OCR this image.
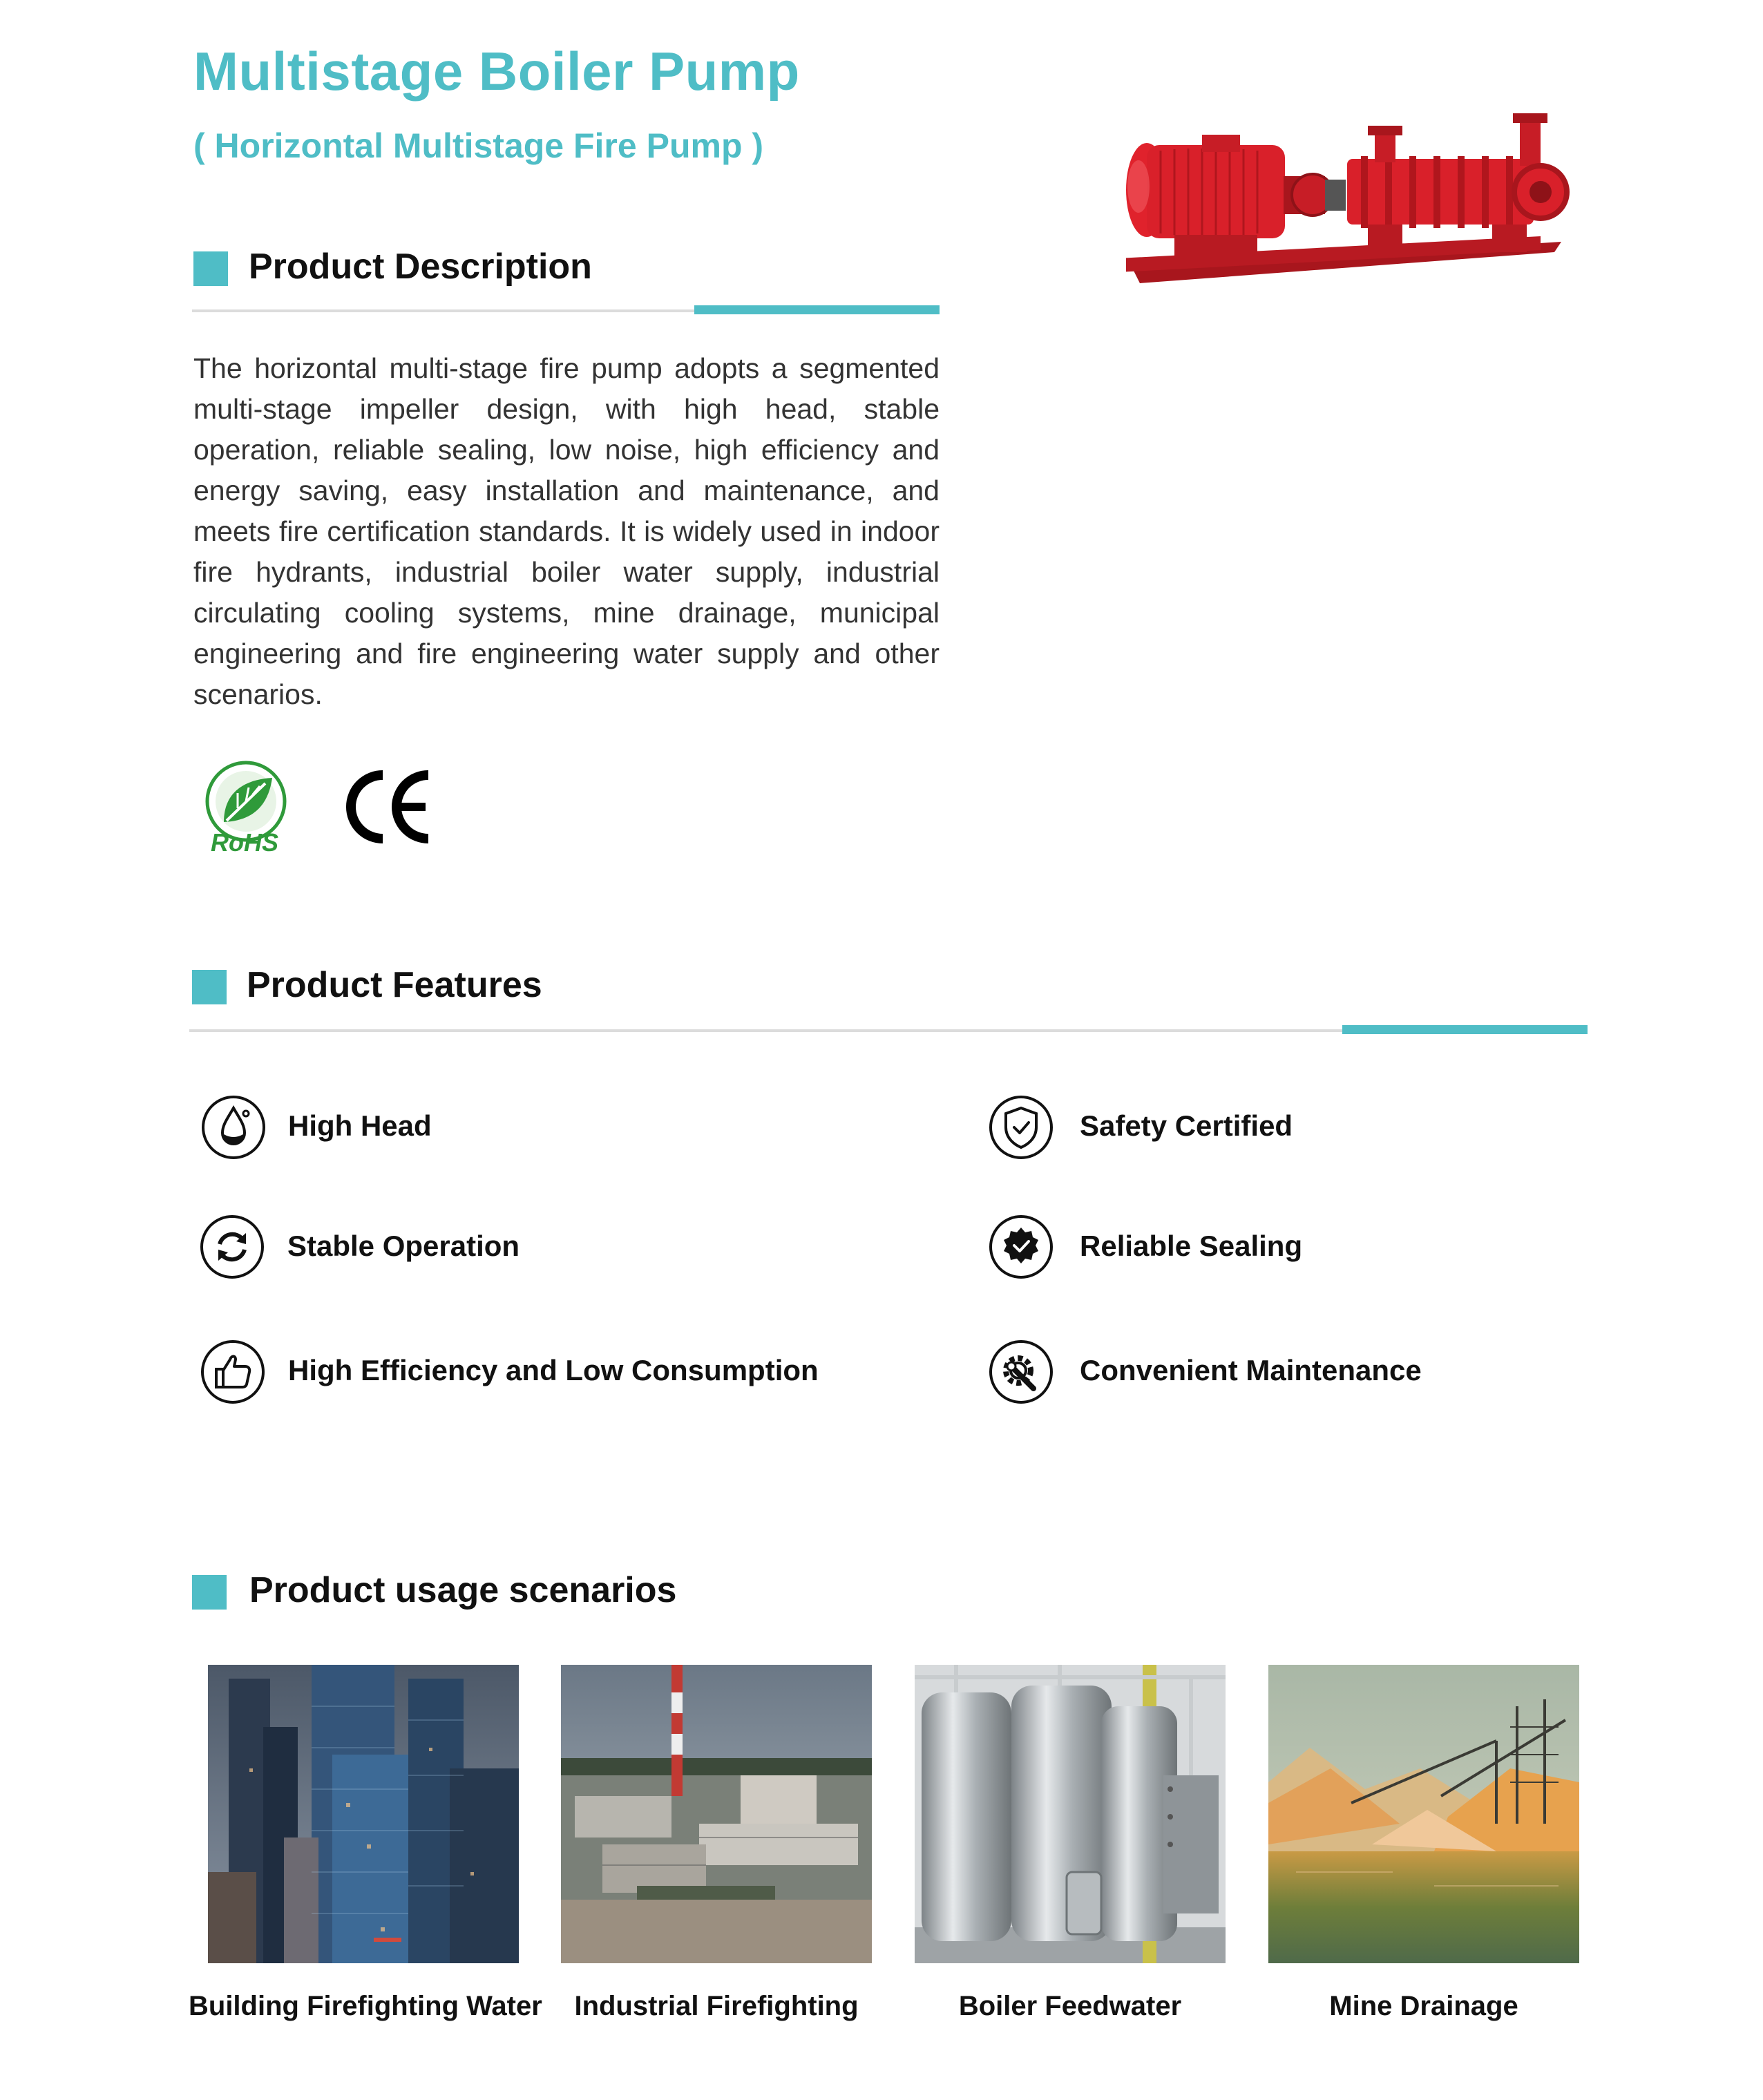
Multistage Boiler Pump
( Horizontal Multistage Fire Pump )
Product Description
The horizontal multi-stage fire pump adopts a segmented multi-stage impeller design, with high head, stable operation, reliable sealing, low noise, high efficiency and energy saving, easy installation and maintenance, and meets fire certification standards. It is widely used in indoor fire hydrants, industrial boiler water supply, industrial circulating cooling systems, mine drainage, municipal engineering and fire engineering water supply and other scenarios.
RoHS
Product Features
High Head	Safety Certified
Stable Operation	Reliable Sealing
High Efficiency and Low Consumption	Convenient Maintenance
Product usage scenarios
Building Firefighting Water	Industrial Firefighting	Boiler Feedwater	Mine Drainage
